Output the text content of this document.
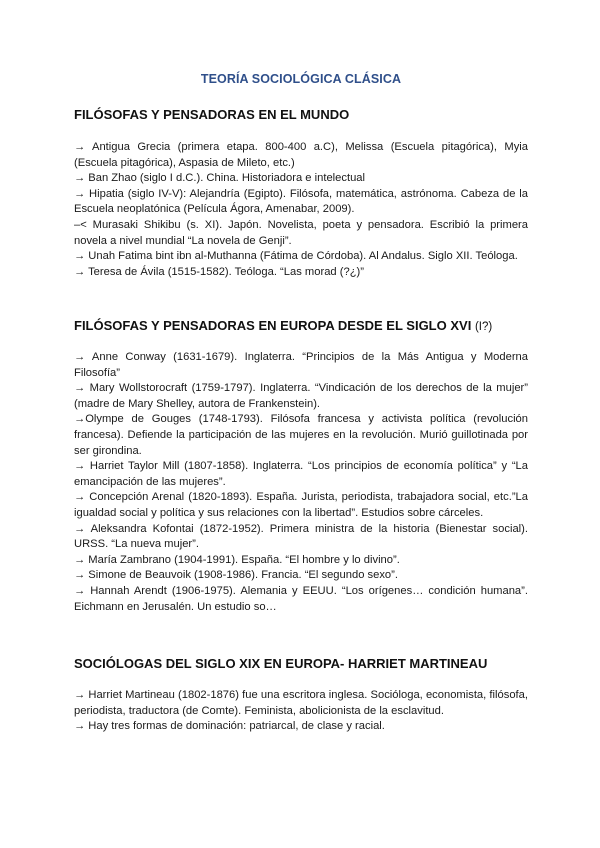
TEORÍA SOCIOLÓGICA CLÁSICA
FILÓSOFAS Y PENSADORAS EN EL MUNDO

→ Antigua Grecia (primera etapa. 800-400 a.C), Melissa (Escuela pitagórica), Myia (Escuela pitagórica), Aspasia de Mileto, etc.)

→ Ban Zhao (siglo I d.C.). China. Historiadora e intelectual

→ Hipatia (siglo IV-V): Alejandría (Egipto). Filósofa, matemática, astrónoma. Cabeza de la Escuela neoplatónica (Película Ágora, Amenabar, 2009).

–< Murasaki Shikibu (s. XI). Japón. Novelista, poeta y pensadora. Escribió la primera novela a nivel mundial “La novela de Genji”.

→ Unah Fatima bint ibn al-Muthanna (Fátima de Córdoba). Al Andalus. Siglo XII. Teóloga.

→ Teresa de Ávila (1515-1582). Teóloga. “Las morad (?¿)”

FILÓSOFAS Y PENSADORAS EN EUROPA DESDE EL SIGLO XVI (I?)

→ Anne Conway (1631-1679). Inglaterra. “Principios de la Más Antigua y Moderna Filosofía”

→ Mary Wollstorocraft (1759-1797). Inglaterra. “Vindicación de los derechos de la mujer” (madre de Mary Shelley, autora de Frankenstein).

→Olympe de Gouges (1748-1793). Filósofa francesa y activista política (revolución francesa). Defiende la participación de las mujeres en la revolución. Murió guillotinada por ser girondina.

→ Harriet Taylor Mill (1807-1858). Inglaterra. “Los principios de economía política” y “La emancipación de las mujeres”.

→ Concepción Arenal (1820-1893). España. Jurista, periodista, trabajadora social, etc.”La igualdad social y política y sus relaciones con la libertad”. Estudios sobre cárceles.

→ Aleksandra Kofontai (1872-1952). Primera ministra de la historia (Bienestar social). URSS. “La nueva mujer”.

→ María Zambrano (1904-1991). España. “El hombre y lo divino”.

→ Simone de Beauvoik (1908-1986). Francia. “El segundo sexo”.

→ Hannah Arendt (1906-1975). Alemania y EEUU. “Los orígenes… condición humana”. Eichmann en Jerusalén. Un estudio so…

SOCIÓLOGAS DEL SIGLO XIX EN EUROPA- HARRIET MARTINEAU

→ Harriet Martineau (1802-1876) fue una escritora inglesa. Socióloga, economista, filósofa, periodista, traductora (de Comte). Feminista, abolicionista de la esclavitud.

→ Hay tres formas de dominación: patriarcal, de clase y racial.
